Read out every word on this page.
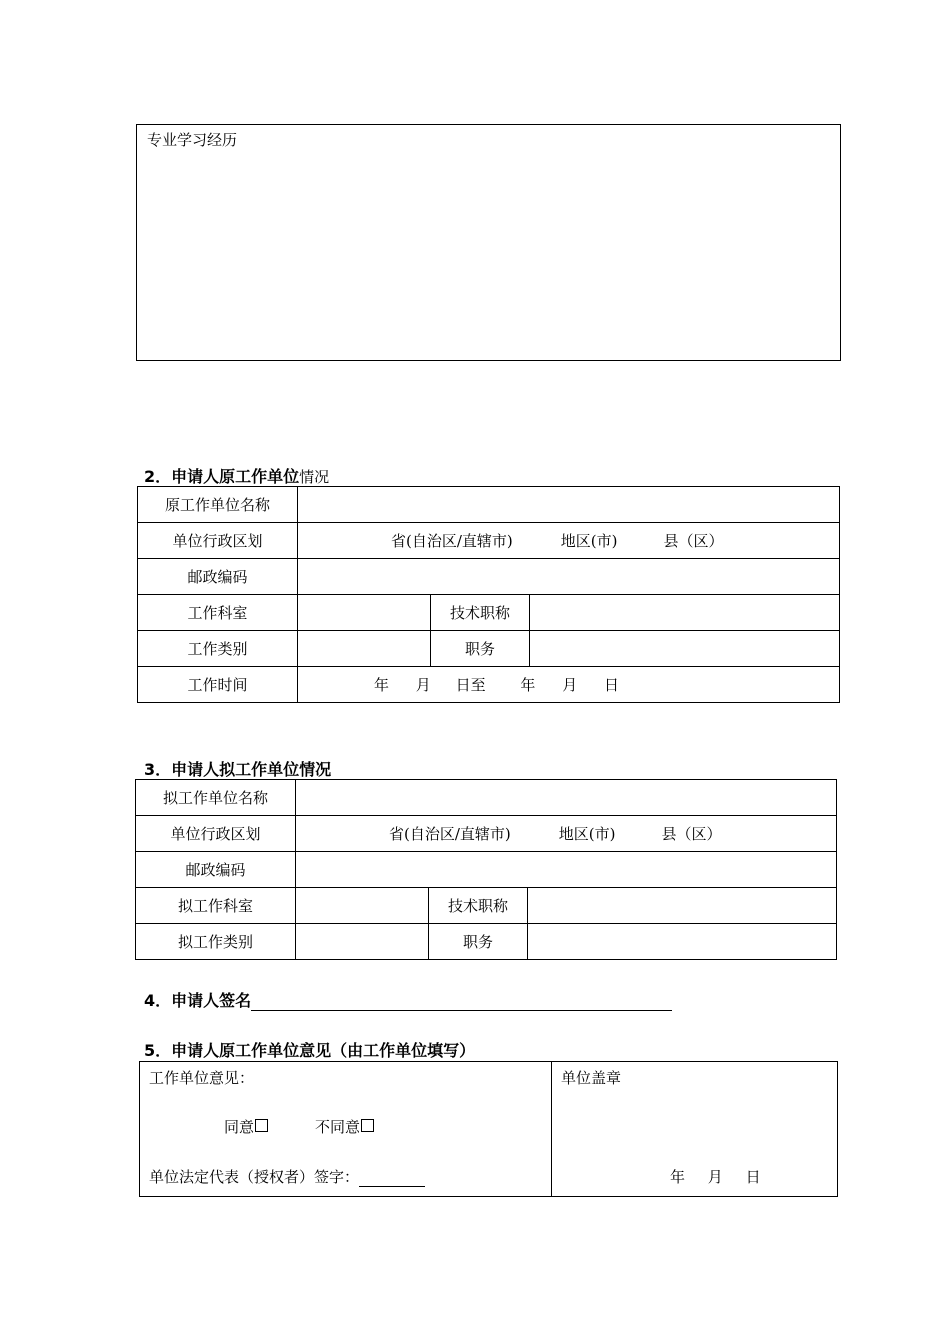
专业学习经历
2．申请人原工作单位情况
原工作单位名称			
单位行政区划	省(自治区/直辖市) 地区(市) 县（区）		

邮政编码			
工作科室		技术职称	
工作类别		职务	
工作时间	年 月 日至 年 月 日		
3．申请人拟工作单位情况
拟工作单位名称			
单位行政区划	省(自治区/直辖市) 地区(市) 县（区）		

邮政编码			
拟工作科室		技术职称	
拟工作类别		职务	
4．申请人签名
5．申请人原工作单位意见（由工作单位填写）
工作单位意见：
同意	不同意
单位法定代表（授权者）签字：
单位盖章
年 月 日
